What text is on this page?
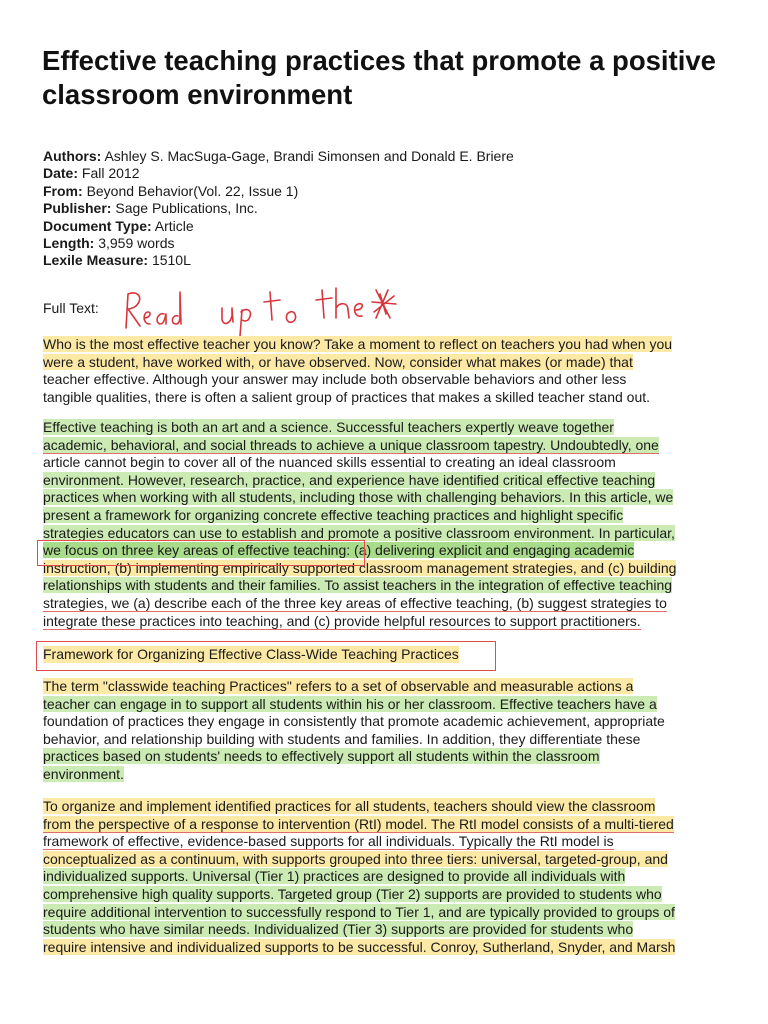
Effective teaching practices that promote a positive classroom environment
Authors: Ashley S. MacSuga-Gage, Brandi Simonsen and Donald E. Briere
Date: Fall 2012
From: Beyond Behavior(Vol. 22, Issue 1)
Publisher: Sage Publications, Inc.
Document Type: Article
Length: 3,959 words
Lexile Measure: 1510L
Full Text:

Who is the most effective teacher you know? Take a moment to reflect on teachers you had when you

were a student, have worked with, or have observed. Now, consider what makes (or made) that

teacher effective. Although your answer may include both observable behaviors and other less

tangible qualities, there is often a salient group of practices that makes a skilled teacher stand out.

Effective teaching is both an art and a science. Successful teachers expertly weave together

academic, behavioral, and social threads to achieve a unique classroom tapestry. Undoubtedly, one

article cannot begin to cover all of the nuanced skills essential to creating an ideal classroom

environment. However, research, practice, and experience have identified critical effective teaching

practices when working with all students, including those with challenging behaviors. In this article, we

present a framework for organizing concrete effective teaching practices and highlight specific

strategies educators can use to establish and promote a positive classroom environment. In particular,

we focus on three key areas of effective teaching: (a) delivering explicit and engaging academic

instruction, (b) implementing empirically supported classroom management strategies, and (c) building

relationships with students and their families. To assist teachers in the integration of effective teaching

strategies, we (a) describe each of the three key areas of effective teaching, (b) suggest strategies to

integrate these practices into teaching, and (c) provide helpful resources to support practitioners.

Framework for Organizing Effective Class-Wide Teaching Practices

The term "classwide teaching Practices" refers to a set of observable and measurable actions a

teacher can engage in to support all students within his or her classroom. Effective teachers have a

foundation of practices they engage in consistently that promote academic achievement, appropriate

behavior, and relationship building with students and families. In addition, they differentiate these

practices based on students' needs to effectively support all students within the classroom

environment.

To organize and implement identified practices for all students, teachers should view the classroom

from the perspective of a response to intervention (RtI) model. The RtI model consists of a multi-tiered

framework of effective, evidence-based supports for all individuals. Typically the RtI model is

conceptualized as a continuum, with supports grouped into three tiers: universal, targeted-group, and

individualized supports. Universal (Tier 1) practices are designed to provide all individuals with

comprehensive high quality supports. Targeted group (Tier 2) supports are provided to students who

require additional intervention to successfully respond to Tier 1, and are typically provided to groups of

students who have similar needs. Individualized (Tier 3) supports are provided for students who

require intensive and individualized supports to be successful. Conroy, Sutherland, Snyder, and Marsh
